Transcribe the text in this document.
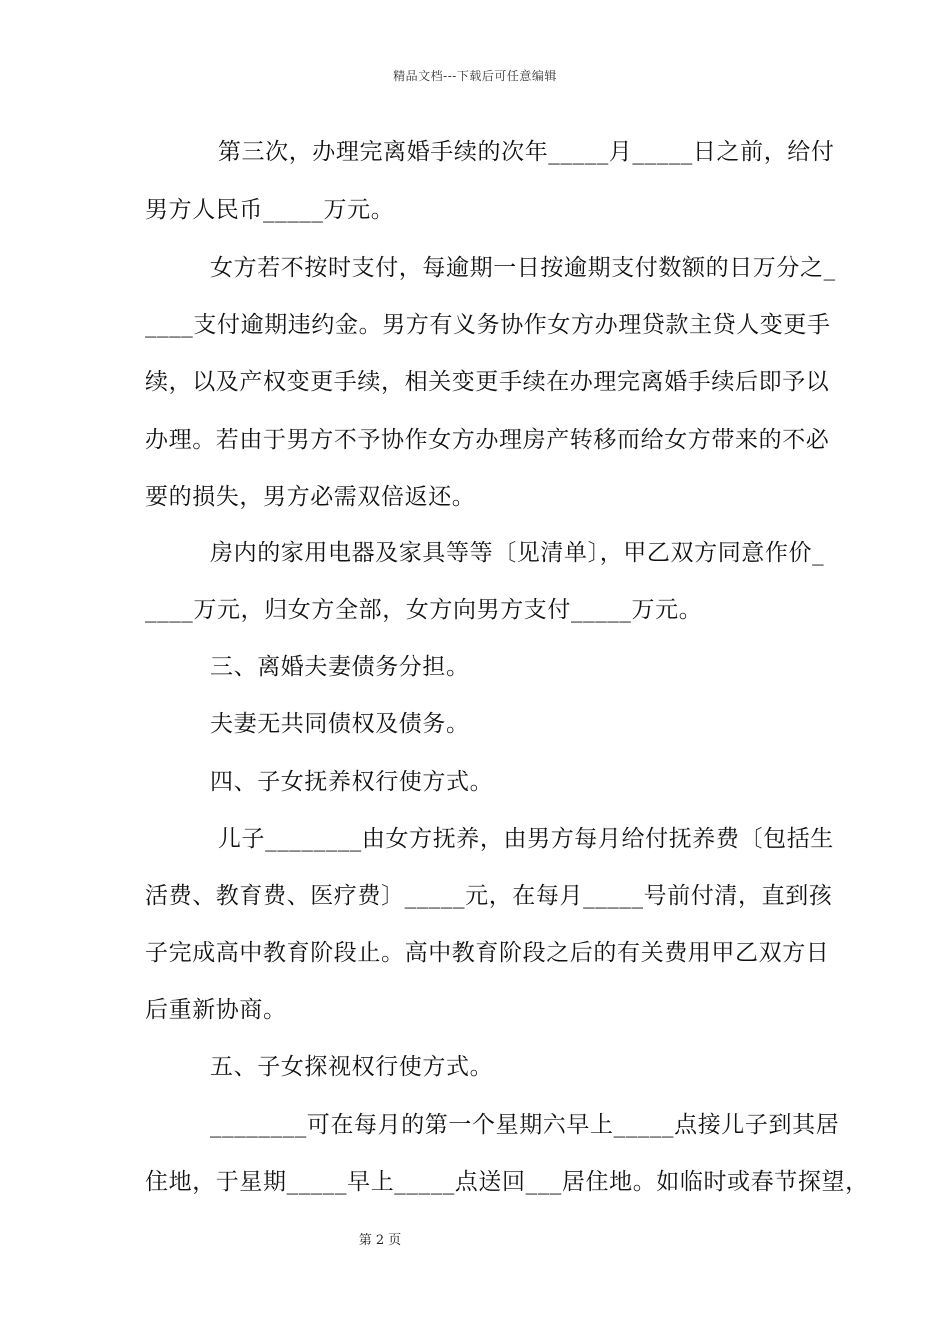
精品文档---下载后可任意编辑
第三次，办理完离婚手续的次年_____月_____日之前，给付
男方人民币_____万元。
女方若不按时支付，每逾期一日按逾期支付数额的日万分之_
____支付逾期违约金。男方有义务协作女方办理贷款主贷人变更手
续，以及产权变更手续，相关变更手续在办理完离婚手续后即予以
办理。若由于男方不予协作女方办理房产转移而给女方带来的不必
要的损失，男方必需双倍返还。
房内的家用电器及家具等等〔见清单〕，甲乙双方同意作价_
____万元，归女方全部，女方向男方支付_____万元。
三、离婚夫妻债务分担。
夫妻无共同债权及债务。
四、子女抚养权行使方式。
儿子________由女方抚养，由男方每月给付抚养费〔包括生
活费、教育费、医疗费〕_____元，在每月_____号前付清，直到孩
子完成高中教育阶段止。高中教育阶段之后的有关费用甲乙双方日
后重新协商。
五、子女探视权行使方式。
________可在每月的第一个星期六早上_____点接儿子到其居
住地，于星期_____早上_____点送回___居住地。如临时或春节探望，
第 2 页
